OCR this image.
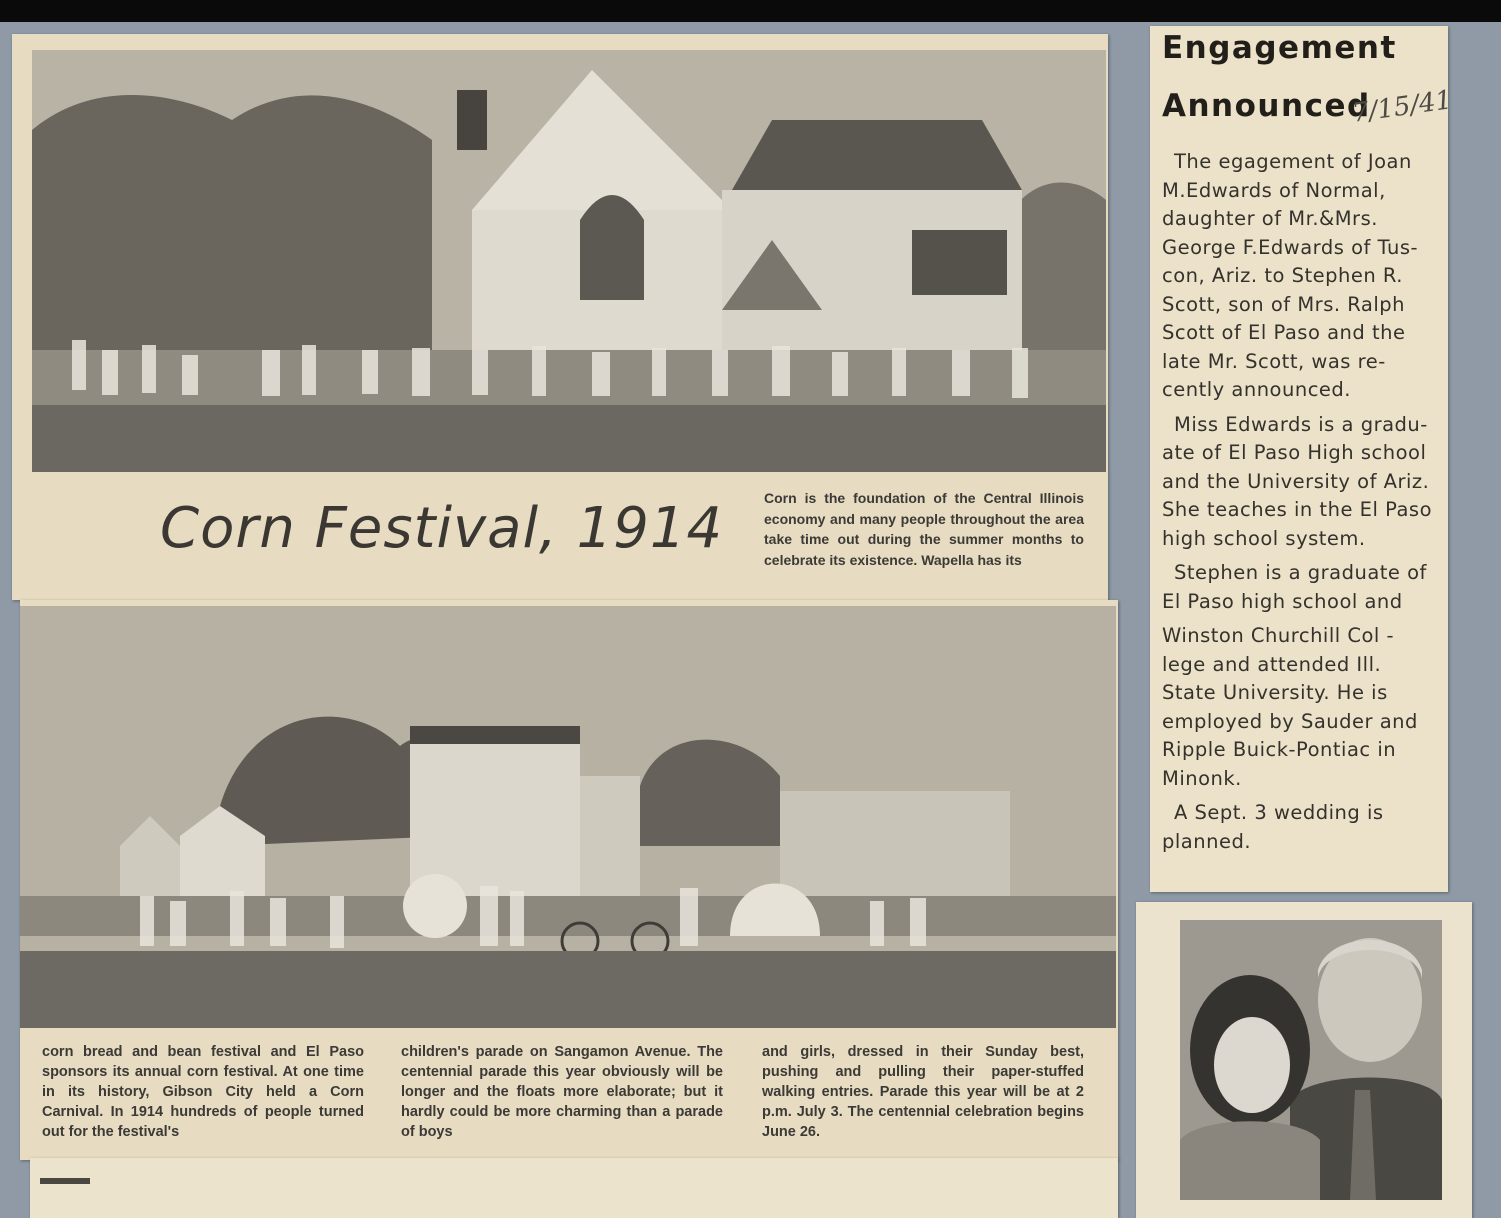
Corn Festival, 1914	Corn is the foundation of the Central Illinois economy and many people throughout the area take time out during the summer months to celebrate its existence. Wapella has its
corn bread and bean festival and El Paso sponsors its annual corn festival. At one time in its history, Gibson City held a Corn Carnival. In 1914 hundreds of people turned out for the festival's
children's parade on Sangamon Avenue. The centennial parade this year obviously will be longer and the floats more elaborate; but it hardly could be more charming than a parade of boys
and girls, dressed in their Sunday best, pushing and pulling their paper-stuffed walking entries. Parade this year will be at 2 p.m. July 3. The centennial celebration begins June 26.
Engagement
Announced
7/15/41

The egagement of Joan
M.Edwards of Normal,
daughter of Mr.&Mrs.
George F.Edwards of Tus-
con, Ariz. to Stephen R.
Scott, son of Mrs. Ralph
Scott of El Paso and the
late Mr. Scott, was re-
cently announced.

Miss Edwards is a gradu-
ate of El Paso High school
and the University of Ariz.
She teaches in the El Paso
high school system.

Stephen is a graduate of
El Paso high school and

Winston Churchill Col -
lege and attended Ill.
State University. He is
employed by Sauder and
Ripple Buick-Pontiac in
Minonk.

A Sept. 3 wedding is
planned.
